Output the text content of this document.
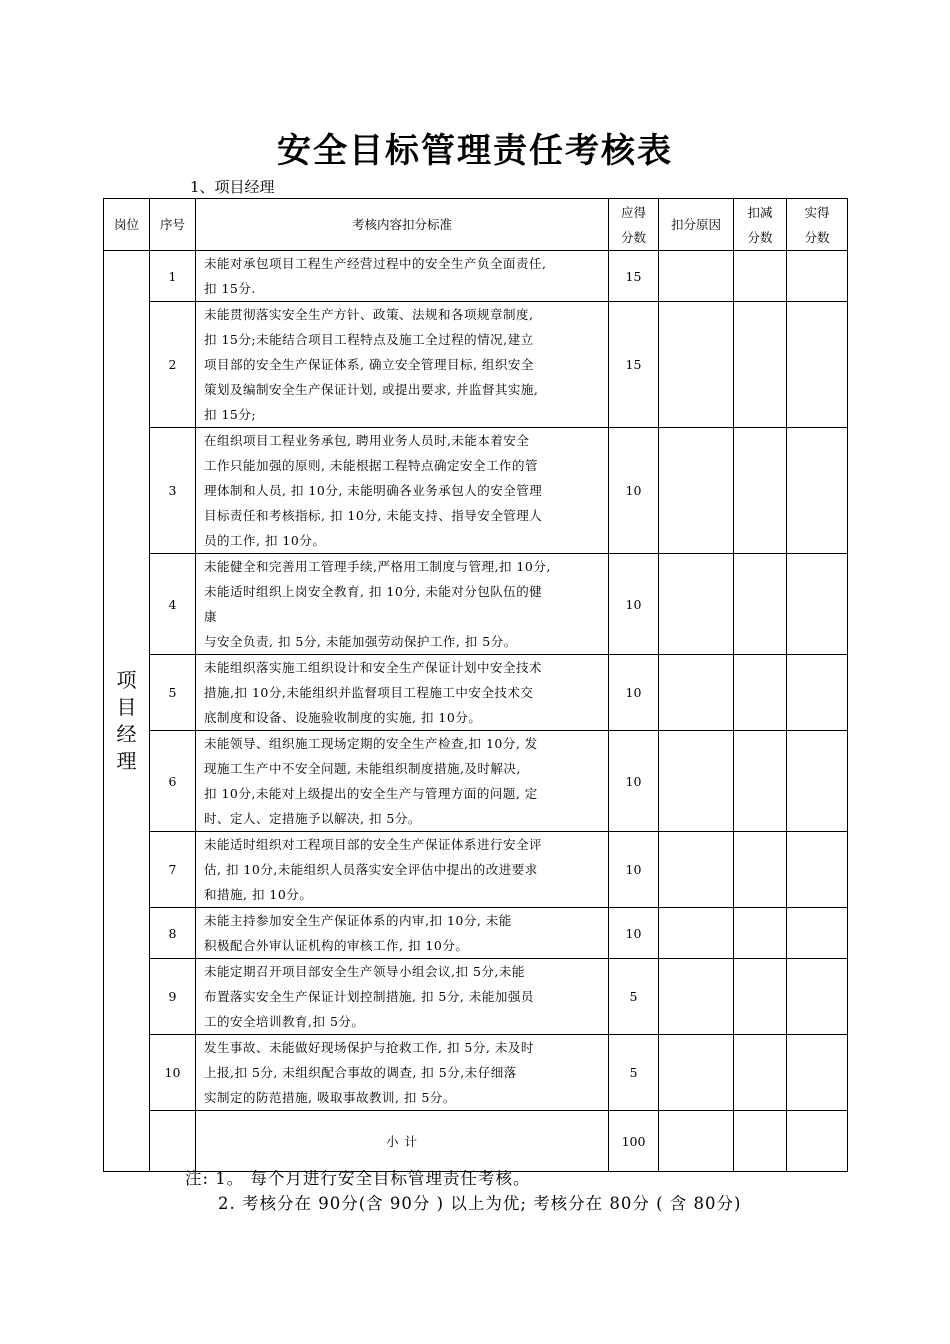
安全目标管理责任考核表
1、项目经理
岗位	序号	考核内容扣分标准	应得分数	扣分原因	扣减分数	实得分数
项目经理	1	未能对承包项目工程生产经营过程中的安全生产负全面责任,
扣 15分.	15			
	2	未能贯彻落实安全生产方针、政策、法规和各项规章制度,
扣 15分;未能结合项目工程特点及施工全过程的情况,建立
项目部的安全生产保证体系, 确立安全管理目标, 组织安全
策划及编制安全生产保证计划, 或提出要求, 并监督其实施,
扣 15分;	15			
	3	在组织项目工程业务承包, 聘用业务人员时,未能本着安全
工作只能加强的原则, 未能根据工程特点确定安全工作的管
理体制和人员, 扣 10分, 未能明确各业务承包人的安全管理
目标责任和考核指标, 扣 10分, 未能支持、指导安全管理人
员的工作, 扣 10分。	10			
	4	未能健全和完善用工管理手续,严格用工制度与管理,扣 10分,
未能适时组织上岗安全教育, 扣 10分, 未能对分包队伍的健
康
与安全负责, 扣 5分, 未能加强劳动保护工作, 扣 5分。	10			
	5	未能组织落实施工组织设计和安全生产保证计划中安全技术
措施,扣 10分,未能组织并监督项目工程施工中安全技术交
底制度和设备、设施验收制度的实施, 扣 10分。	10			
	6	未能领导、组织施工现场定期的安全生产检查,扣 10分, 发
现施工生产中不安全问题, 未能组织制度措施,及时解决,
扣 10分,未能对上级提出的安全生产与管理方面的问题, 定
时、定人、定措施予以解决, 扣 5分。	10			
	7	未能适时组织对工程项目部的安全生产保证体系进行安全评
估, 扣 10分,未能组织人员落实安全评估中提出的改进要求
和措施, 扣 10分。	10			
	8	未能主持参加安全生产保证体系的内审,扣 10分, 未能
积极配合外审认证机构的审核工作, 扣 10分。	10			
	9	未能定期召开项目部安全生产领导小组会议,扣 5分,未能
布置落实安全生产保证计划控制措施, 扣 5分, 未能加强员
工的安全培训教育,扣 5分。	5			
	10	发生事故、未能做好现场保护与抢救工作, 扣 5分, 未及时
上报,扣 5分, 未组织配合事故的调查, 扣 5分,未仔细落
实制定的防范措施, 吸取事故教训, 扣 5分。	5			
		小 计	100			
注: 1。 每个月进行安全目标管理责任考核。
2. 考核分在 90分(含 90分 ) 以上为优; 考核分在 80分 ( 含 80分)
